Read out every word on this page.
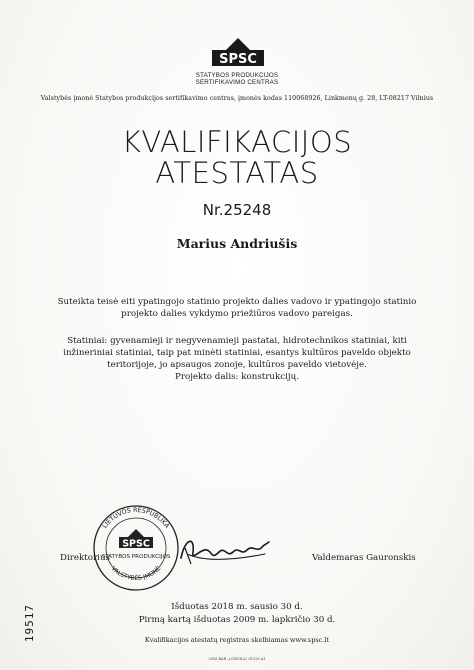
SPSC
STATYBOS PRODUKCIJOS
SERTIFIKAVIMO CENTRAS
Valstybės įmonė Statybos produkcijos sertifikavimo centras, įmonės kodas 110068926, Linkmenų g. 28, LT-08217 Vilnius
KVALIFIKACIJOS
ATESTATAS
Nr.25248
Marius Andriušis
Suteikta teisė eiti ypatingojo statinio projekto dalies vadovo ir ypatingojo statinio projekto dalies vykdymo priežiūros vadovo pareigas.
Statiniai: gyvenamieji ir negyvenamieji pastatai, hidrotechnikos statiniai, kiti inžineriniai statiniai, taip pat minėti statiniai, esantys kultūros paveldo objekto teritorijoje, jo apsaugos zonoje, kultūros paveldo vietovėje.
Projekto dalis: konstrukcijų.
LIETUVOS RESPUBLIKA
VALSTYBĖS ĮMONĖ
SPSC
STATYBOS PRODUKCIJOS
Direktorius	Valdemaras Gauronskis
19517	Išduotas 2018 m. sausio 30 d.
Pirmą kartą išduotas 2009 m. lapkričio 30 d.
Kvalifikacijos atestatų registras skelbiamas www.spsc.lt
2016 BAB „LODVILA" 61329 A1
